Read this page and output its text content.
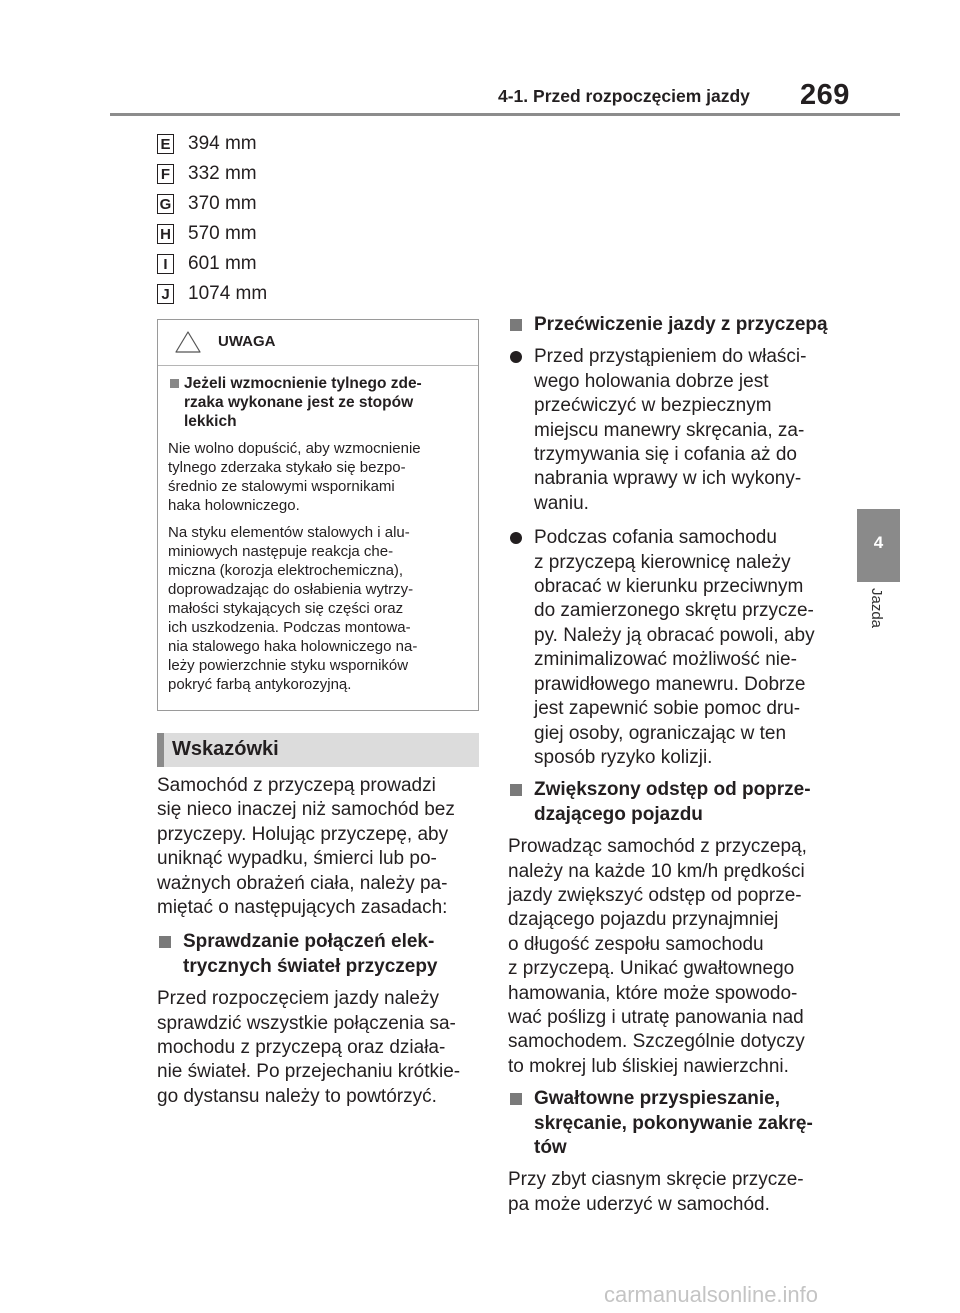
4-1. Przed rozpoczęciem jazdy 269
4
Jazda
E 394 mm
F 332 mm
G 370 mm
H 570 mm
I	601 mm
J 1074 mm
UWAGA
Jeżeli wzmocnienie tylnego zde-
rzaka wykonane jest ze stopów
lekkich
Nie wolno dopuścić, aby wzmocnienie
tylnego zderzaka stykało się bezpo-
średnio ze stalowymi wspornikami
haka holowniczego.
Na styku elementów stalowych i alu-
miniowych następuje reakcja che-
miczna (korozja elektrochemiczna),
doprowadzając do osłabienia wytrzy-
małości stykających się części oraz
ich uszkodzenia. Podczas montowa-
nia stalowego haka holowniczego na-
leży powierzchnie styku wsporników
pokryć farbą antykorozyjną.
Wskazówki

Samochód z przyczepą prowadzi
się nieco inaczej niż samochód bez
przyczepy. Holując przyczepę, aby
uniknąć wypadku, śmierci lub po-
ważnych obrażeń ciała, należy pa-
miętać o następujących zasadach:

Sprawdzanie połączeń elek-
trycznych świateł przyczepy

Przed rozpoczęciem jazdy należy
sprawdzić wszystkie połączenia sa-
mochodu z przyczepą oraz działa-
nie świateł. Po przejechaniu krótkie-
go dystansu należy to powtórzyć.

Przećwiczenie jazdy z przyczepą
Przed przystąpieniem do właści-
wego holowania dobrze jest
przećwiczyć w bezpiecznym
miejscu manewry skręcania, za-
trzymywania się i cofania aż do
nabrania wprawy w ich wykony-
waniu.
Podczas cofania samochodu
z przyczepą kierownicę należy
obracać w kierunku przeciwnym
do zamierzonego skrętu przycze-
py. Należy ją obracać powoli, aby
zminimalizować możliwość nie-
prawidłowego manewru. Dobrze
jest zapewnić sobie pomoc dru-
giej osoby, ograniczając w ten
sposób ryzyko kolizji.
Zwiększony odstęp od poprze-
dzającego pojazdu

Prowadząc samochód z przyczepą,
należy na każde 10 km/h prędkości
jazdy zwiększyć odstęp od poprze-
dzającego pojazdu przynajmniej
o długość zespołu samochodu
z przyczepą. Unikać gwałtownego
hamowania, które może spowodo-
wać poślizg i utratę panowania nad
samochodem. Szczególnie dotyczy
to mokrej lub śliskiej nawierzchni.

Gwałtowne przyspieszanie,
skręcanie, pokonywanie zakrę-
tów

Przy zbyt ciasnym skręcie przycze-
pa może uderzyć w samochód.

carmanualsonline.info
